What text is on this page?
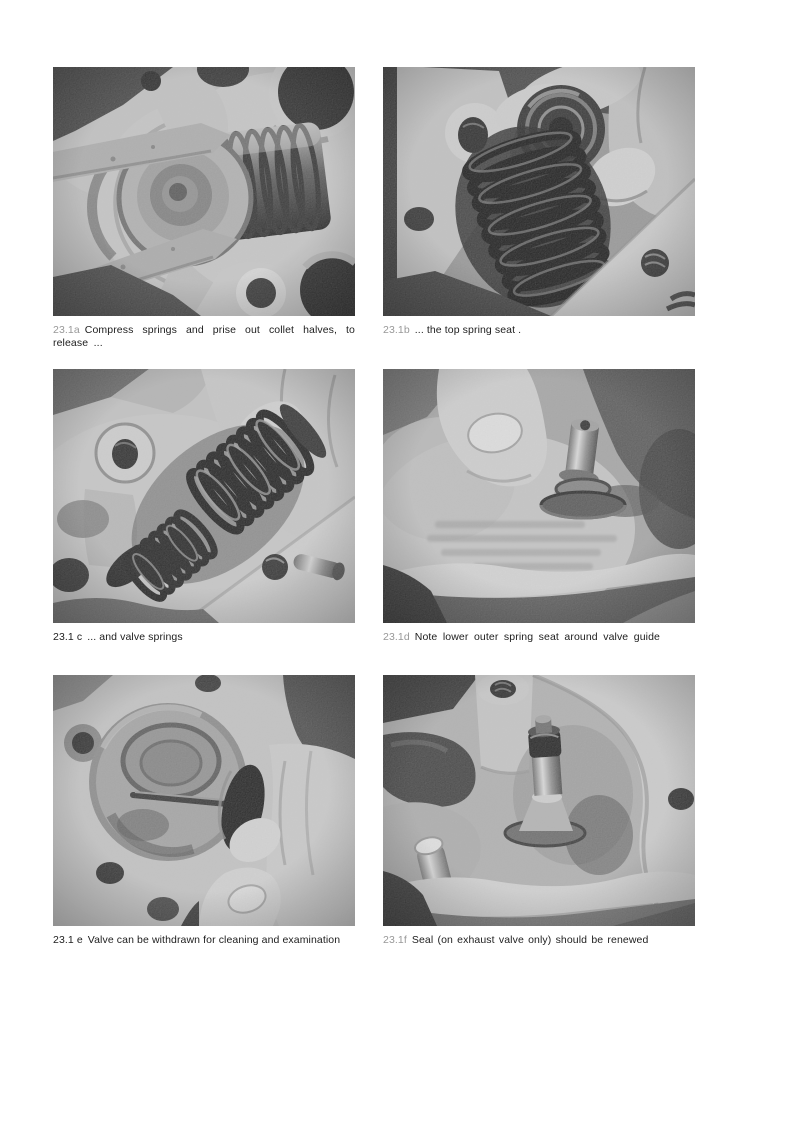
23.1a Compress springs and prise out collet halves, to release ...
23.1b ... the top spring seat .
23.1 c ... and valve springs	23.1d Note lower outer spring seat around valve guide
23.1 e Valve can be withdrawn for cleaning and examination	23.1f Seal (on exhaust valve only) should be renewed
